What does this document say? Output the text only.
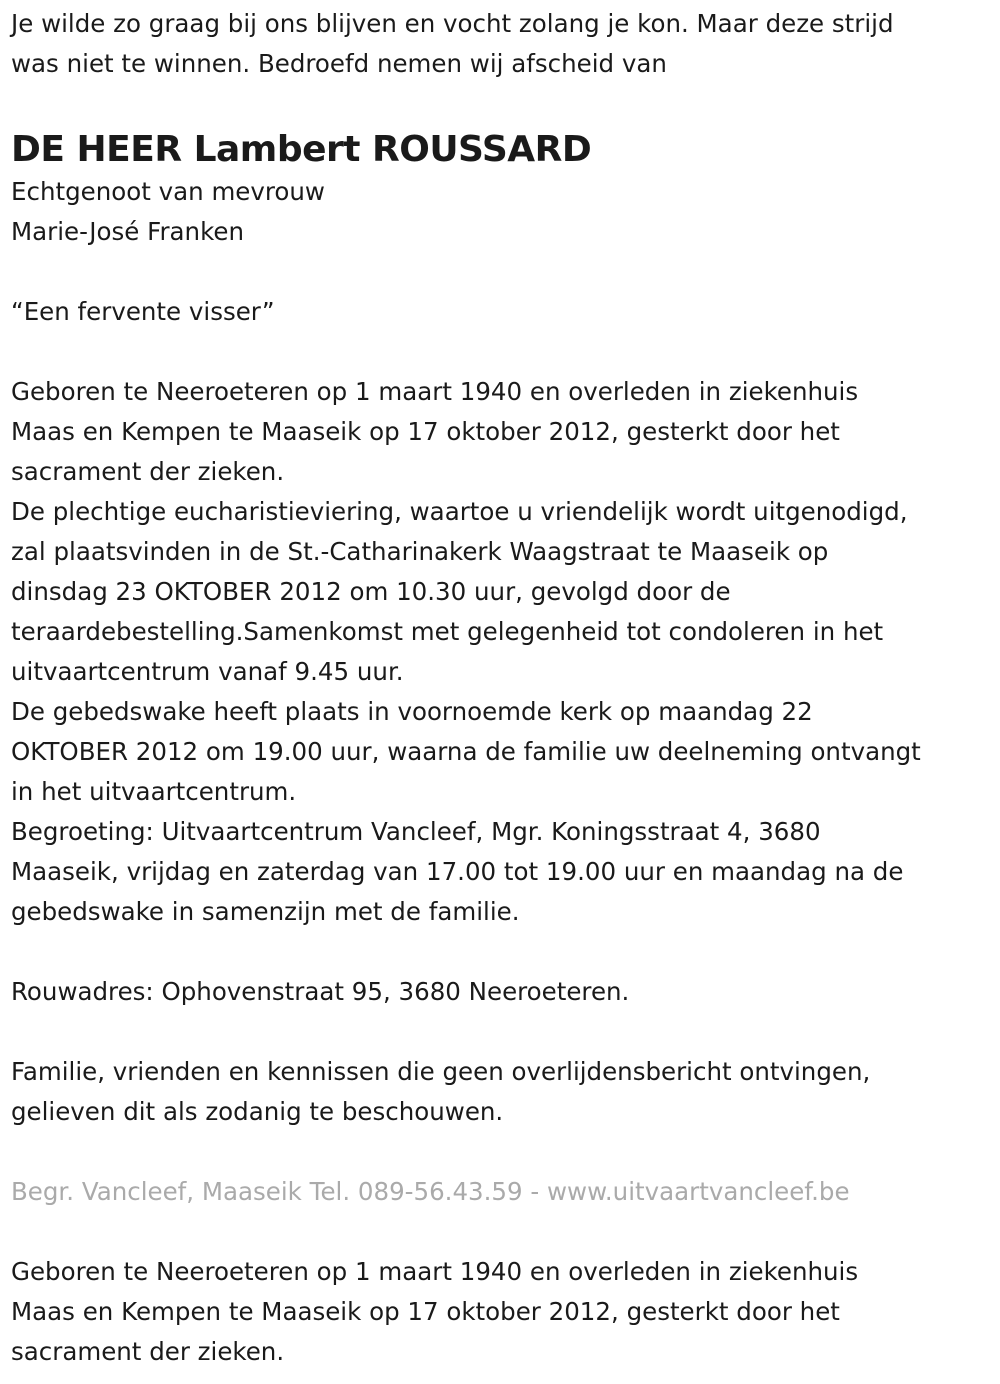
Je wilde zo graag bij ons blijven en vocht zolang je kon. Maar deze strijd
was niet te winnen. Bedroefd nemen wij afscheid van
DE HEER Lambert ROUSSARD
Echtgenoot van mevrouw
Marie-José Franken
“Een fervente visser”
Geboren te Neeroeteren op 1 maart 1940 en overleden in ziekenhuis
Maas en Kempen te Maaseik op 17 oktober 2012, gesterkt door het
sacrament der zieken.
De plechtige eucharistieviering, waartoe u vriendelijk wordt uitgenodigd,
zal plaatsvinden in de St.-Catharinakerk Waagstraat te Maaseik op
dinsdag 23 OKTOBER 2012 om 10.30 uur, gevolgd door de
teraardebestelling.Samenkomst met gelegenheid tot condoleren in het
uitvaartcentrum vanaf 9.45 uur.
De gebedswake heeft plaats in voornoemde kerk op maandag 22
OKTOBER 2012 om 19.00 uur, waarna de familie uw deelneming ontvangt
in het uitvaartcentrum.
Begroeting: Uitvaartcentrum Vancleef, Mgr. Koningsstraat 4, 3680
Maaseik, vrijdag en zaterdag van 17.00 tot 19.00 uur en maandag na de
gebedswake in samenzijn met de familie.
Rouwadres: Ophovenstraat 95, 3680 Neeroeteren.
Familie, vrienden en kennissen die geen overlijdensbericht ontvingen,
gelieven dit als zodanig te beschouwen.
Begr. Vancleef, Maaseik Tel. 089-56.43.59 - www.uitvaartvancleef.be
Geboren te Neeroeteren op 1 maart 1940 en overleden in ziekenhuis
Maas en Kempen te Maaseik op 17 oktober 2012, gesterkt door het
sacrament der zieken.
